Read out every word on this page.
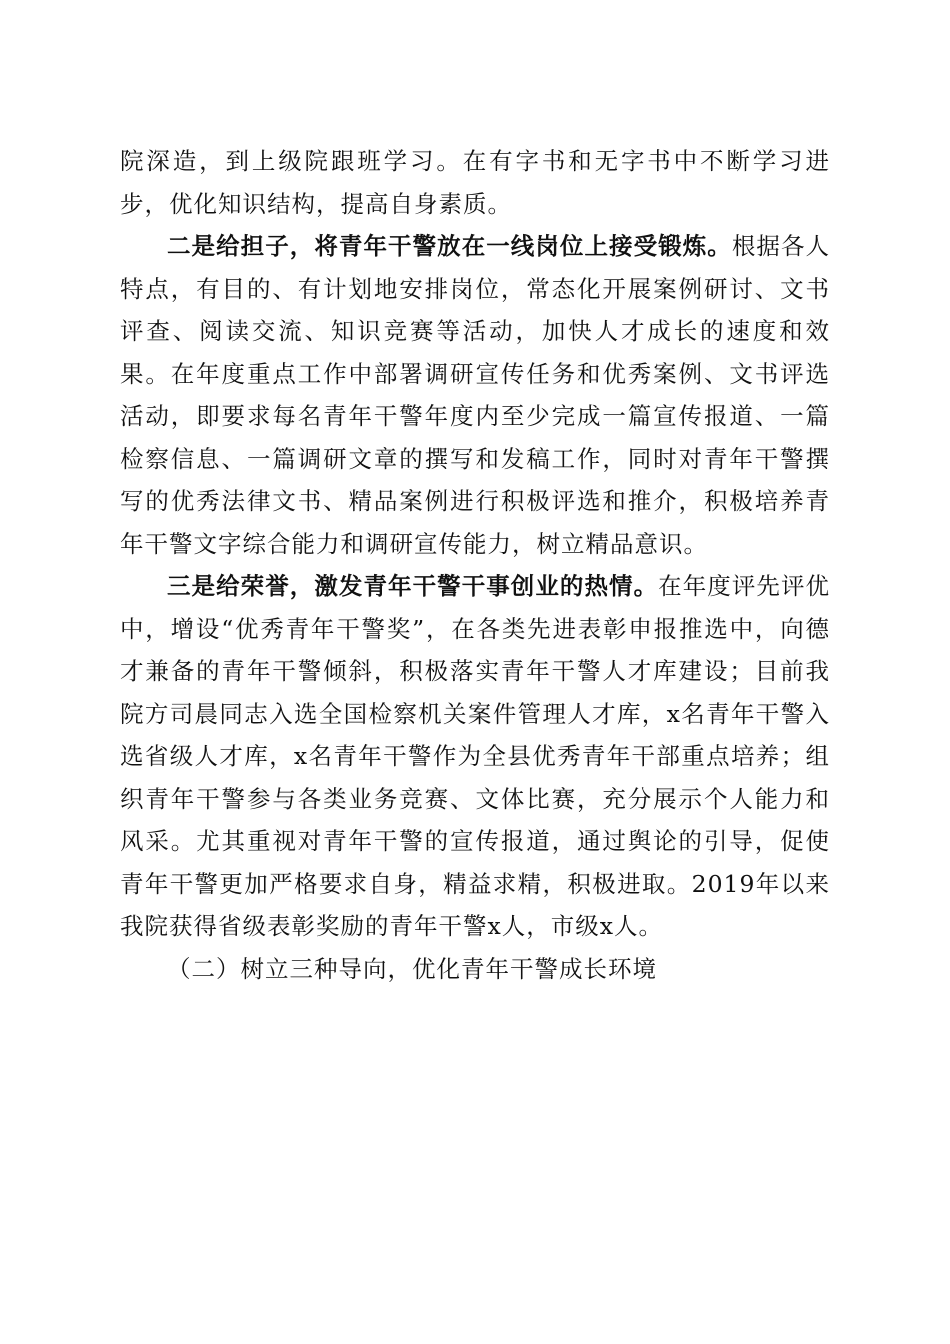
院深造，到上级院跟班学习。在有字书和无字书中不断学习进步，优化知识结构，提高自身素质。

二是给担子，将青年干警放在一线岗位上接受锻炼。根据各人特点，有目的、有计划地安排岗位，常态化开展案例研讨、文书评查、阅读交流、知识竞赛等活动，加快人才成长的速度和效果。在年度重点工作中部署调研宣传任务和优秀案例、文书评选活动，即要求每名青年干警年度内至少完成一篇宣传报道、一篇检察信息、一篇调研文章的撰写和发稿工作，同时对青年干警撰写的优秀法律文书、精品案例进行积极评选和推介，积极培养青年干警文字综合能力和调研宣传能力，树立精品意识。

三是给荣誉，激发青年干警干事创业的热情。在年度评先评优中，增设“优秀青年干警奖”，在各类先进表彰申报推选中，向德才兼备的青年干警倾斜，积极落实青年干警人才库建设；目前我院方司晨同志入选全国检察机关案件管理人才库，x名青年干警入选省级人才库，x名青年干警作为全县优秀青年干部重点培养；组织青年干警参与各类业务竞赛、文体比赛，充分展示个人能力和风采。尤其重视对青年干警的宣传报道，通过舆论的引导，促使青年干警更加严格要求自身，精益求精，积极进取。2019年以来我院获得省级表彰奖励的青年干警x人，市级x人。

（二）树立三种导向，优化青年干警成长环境
